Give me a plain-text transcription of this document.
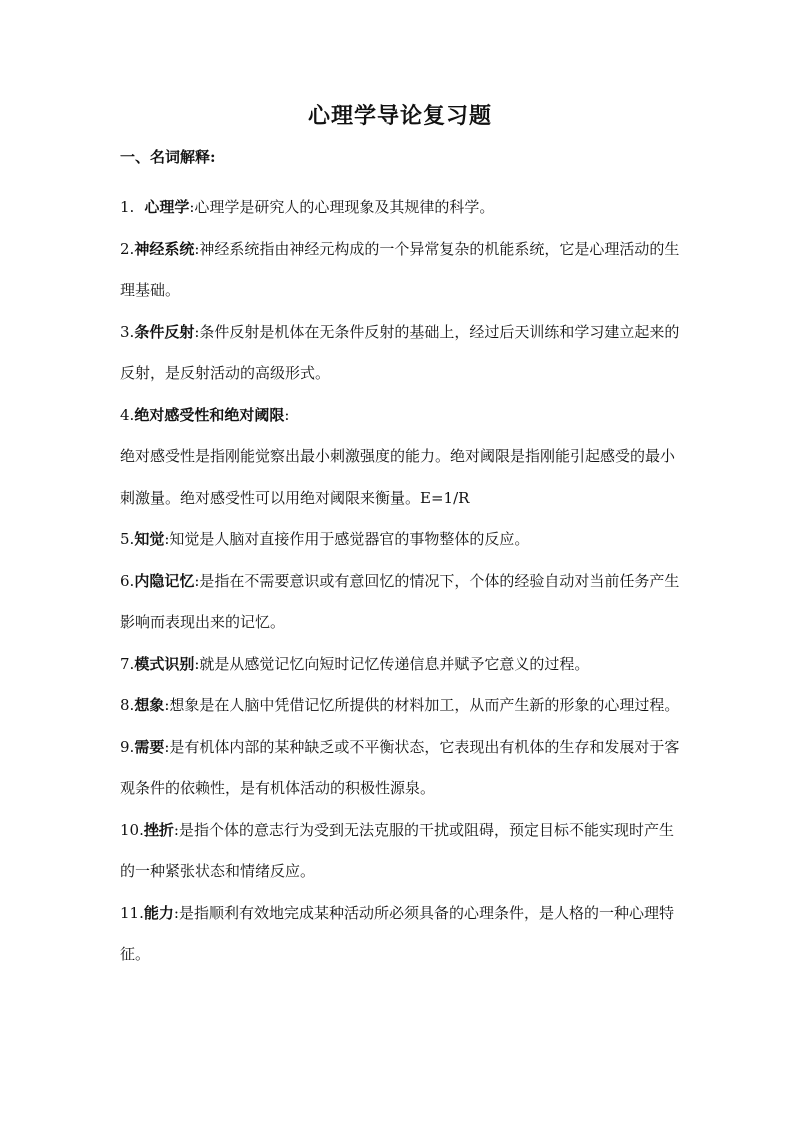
心理学导论复习题
一、名词解释:

1. 心理学:心理学是研究人的心理现象及其规律的科学。

2.神经系统:神经系统指由神经元构成的一个异常复杂的机能系统，它是心理活动的生理基础。

3.条件反射:条件反射是机体在无条件反射的基础上，经过后天训练和学习建立起来的反射，是反射活动的高级形式。

4.绝对感受性和绝对阈限:

绝对感受性是指刚能觉察出最小刺激强度的能力。绝对阈限是指刚能引起感受的最小刺激量。绝对感受性可以用绝对阈限来衡量。E=1/R

5.知觉:知觉是人脑对直接作用于感觉器官的事物整体的反应。

6.内隐记忆:是指在不需要意识或有意回忆的情况下，个体的经验自动对当前任务产生影响而表现出来的记忆。

7.模式识别:就是从感觉记忆向短时记忆传递信息并赋予它意义的过程。

8.想象:想象是在人脑中凭借记忆所提供的材料加工，从而产生新的形象的心理过程。

9.需要:是有机体内部的某种缺乏或不平衡状态，它表现出有机体的生存和发展对于客观条件的依赖性，是有机体活动的积极性源泉。

10.挫折:是指个体的意志行为受到无法克服的干扰或阻碍，预定目标不能实现时产生的一种紧张状态和情绪反应。

11.能力:是指顺利有效地完成某种活动所必须具备的心理条件，是人格的一种心理特征。
